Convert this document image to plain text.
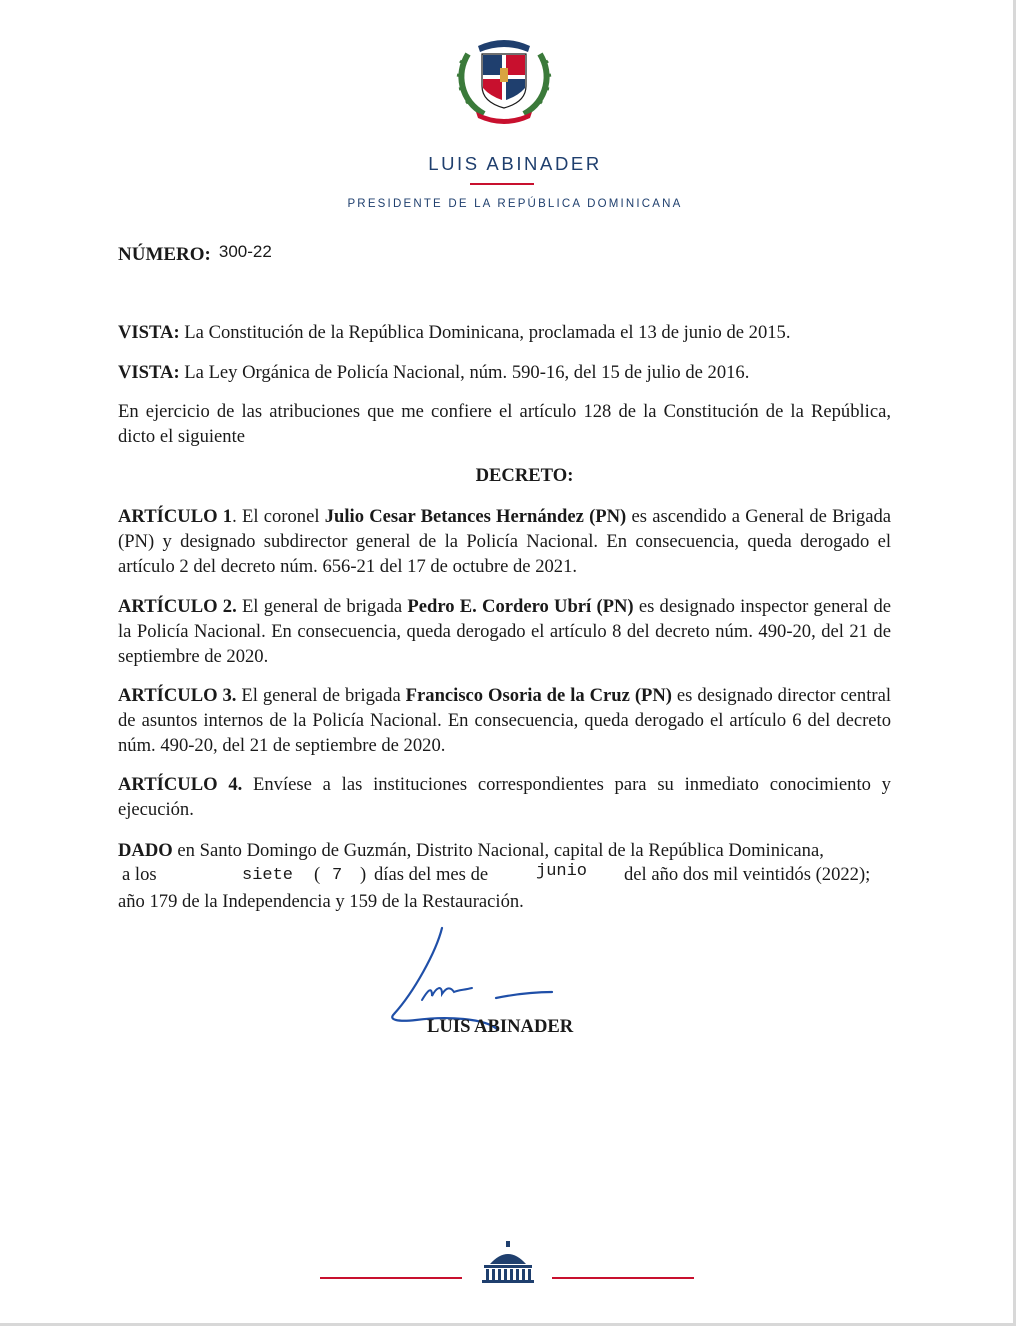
LUIS ABINADER
PRESIDENTE DE LA REPÚBLICA DOMINICANA
NÚMERO: 300-22
VISTA: La Constitución de la República Dominicana, proclamada el 13 de junio de 2015.
VISTA: La Ley Orgánica de Policía Nacional, núm. 590-16, del 15 de julio de 2016.
En ejercicio de las atribuciones que me confiere el artículo 128 de la Constitución de la República, dicto el siguiente
DECRETO:
ARTÍCULO 1. El coronel Julio Cesar Betances Hernández (PN) es ascendido a General de Brigada (PN) y designado subdirector general de la Policía Nacional. En consecuencia, queda derogado el artículo 2 del decreto núm. 656-21 del 17 de octubre de 2021.
ARTÍCULO 2. El general de brigada Pedro E. Cordero Ubrí (PN) es designado inspector general de la Policía Nacional. En consecuencia, queda derogado el artículo 8 del decreto núm. 490-20, del 21 de septiembre de 2020.
ARTÍCULO 3. El general de brigada Francisco Osoria de la Cruz (PN) es designado director central de asuntos internos de la Policía Nacional. En consecuencia, queda derogado el artículo 6 del decreto núm. 490-20, del 21 de septiembre de 2020.
ARTÍCULO 4. Envíese a las instituciones correspondientes para su inmediato conocimiento y ejecución.
DADO en Santo Domingo de Guzmán, Distrito Nacional, capital de la República Dominicana,
a los	siete ( 7 ) días del mes de	junio del año dos mil veintidós (2022);
año 179 de la Independencia y 159 de la Restauración.
LUIS ABINADER
